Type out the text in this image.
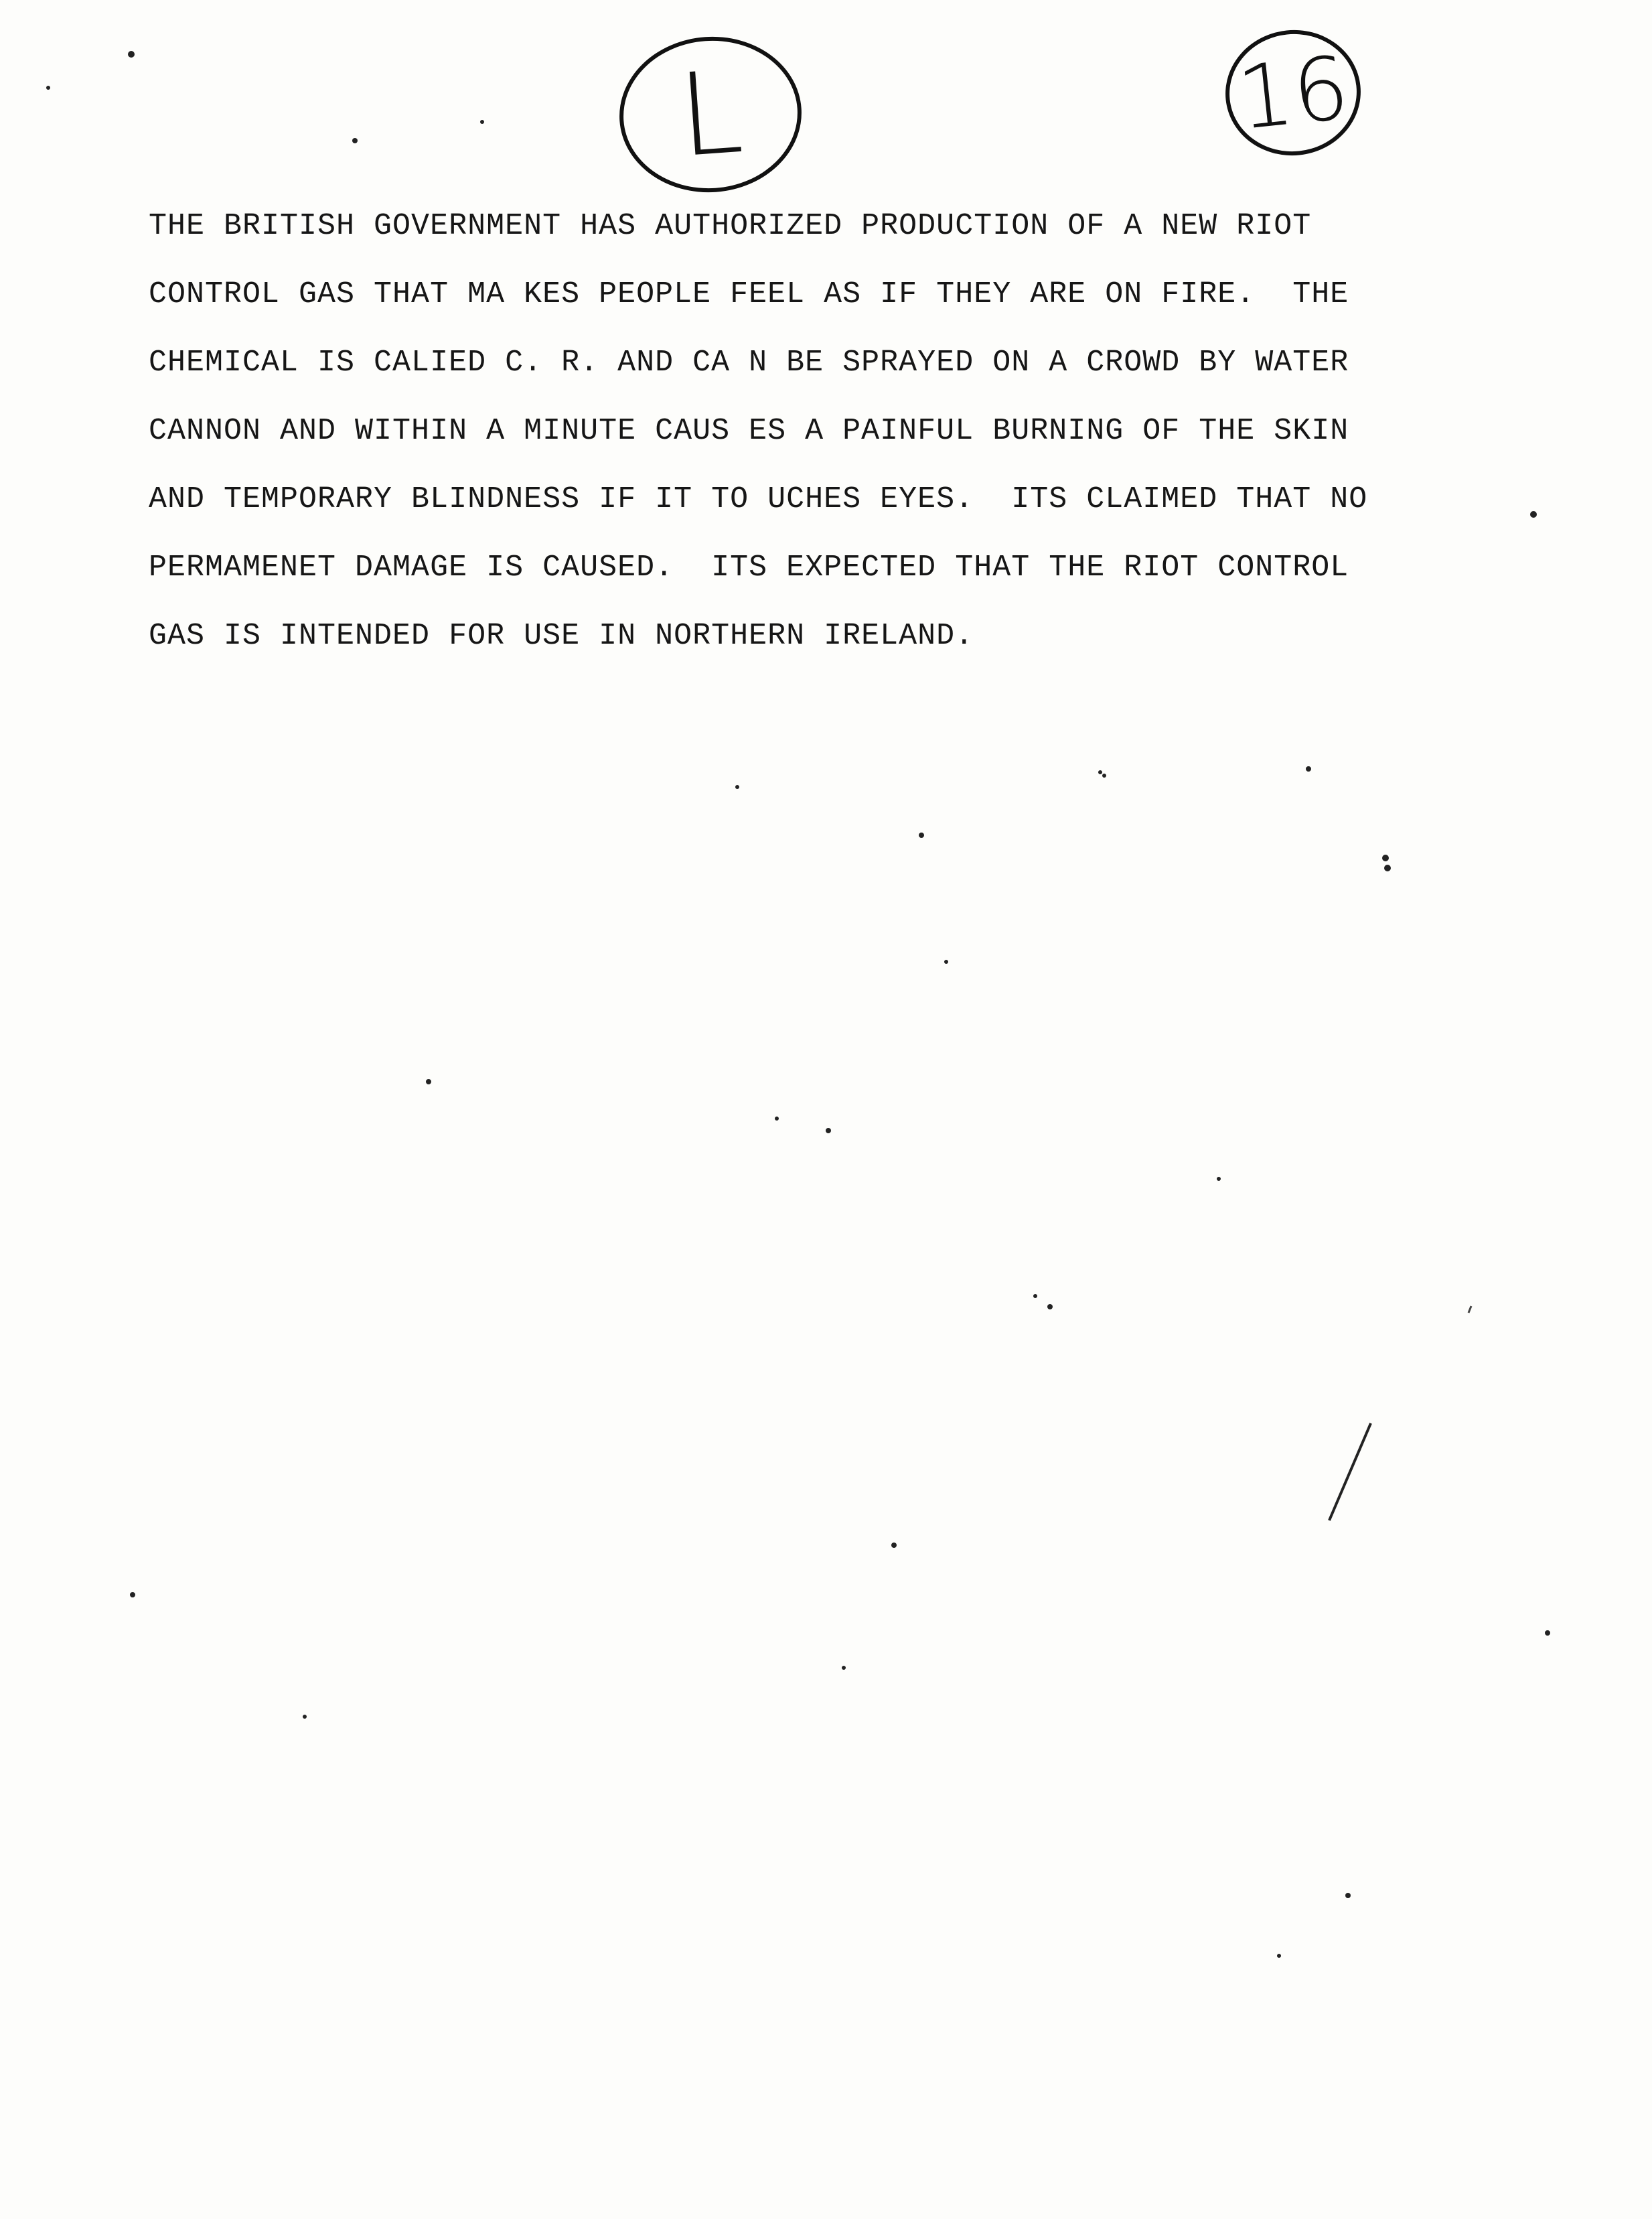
L	16
THE BRITISH GOVERNMENT HAS AUTHORIZED PRODUCTION OF A NEW RIOT
CONTROL GAS THAT MA KES PEOPLE FEEL AS IF THEY ARE ON FIRE.  THE
CHEMICAL IS CALIED C. R. AND CA N BE SPRAYED ON A CROWD BY WATER
CANNON AND WITHIN A MINUTE CAUS ES A PAINFUL BURNING OF THE SKIN
AND TEMPORARY BLINDNESS IF IT TO UCHES EYES.  ITS CLAIMED THAT NO
PERMAMENET DAMAGE IS CAUSED.  ITS EXPECTED THAT THE RIOT CONTROL
GAS IS INTENDED FOR USE IN NORTHERN IRELAND.
